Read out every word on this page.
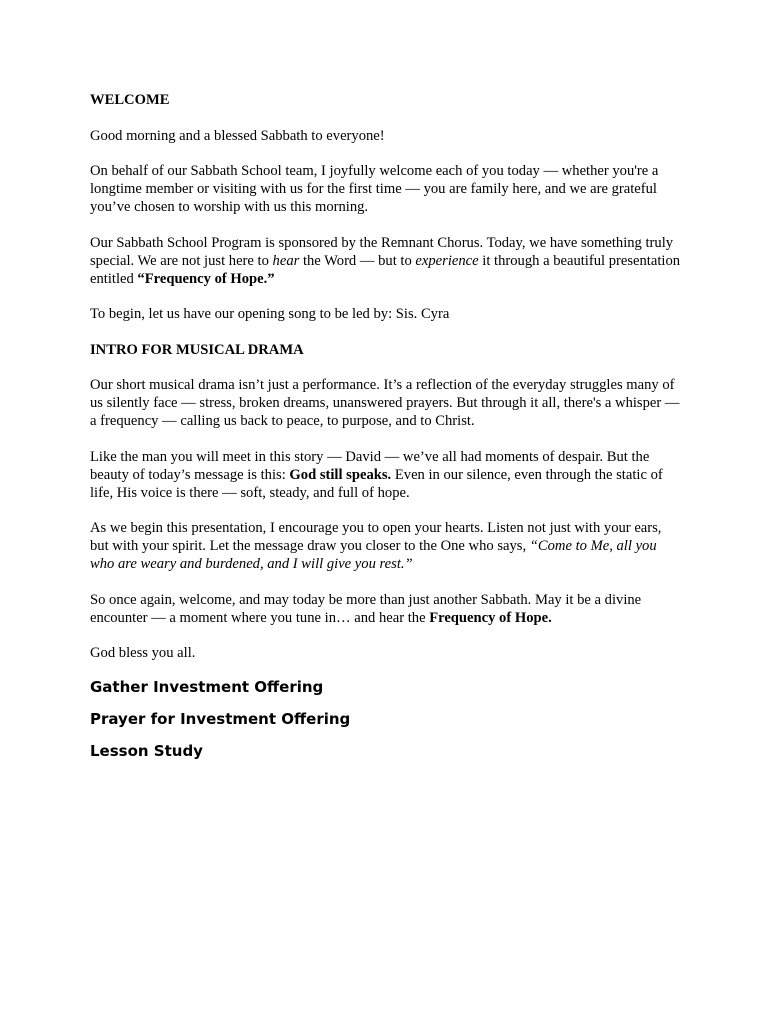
WELCOME

Good morning and a blessed Sabbath to everyone!

On behalf of our Sabbath School team, I joyfully welcome each of you today — whether you're a longtime member or visiting with us for the first time — you are family here, and we are grateful you’ve chosen to worship with us this morning.

Our Sabbath School Program is sponsored by the Remnant Chorus. Today, we have something truly special. We are not just here to hear the Word — but to experience it through a beautiful presentation entitled “Frequency of Hope.”

To begin, let us have our opening song to be led by: Sis. Cyra

INTRO FOR MUSICAL DRAMA

Our short musical drama isn’t just a performance. It’s a reflection of the everyday struggles many of us silently face — stress, broken dreams, unanswered prayers. But through it all, there's a whisper — a frequency — calling us back to peace, to purpose, and to Christ.

Like the man you will meet in this story — David — we’ve all had moments of despair. But the beauty of today’s message is this: God still speaks. Even in our silence, even through the static of life, His voice is there — soft, steady, and full of hope.

As we begin this presentation, I encourage you to open your hearts. Listen not just with your ears, but with your spirit. Let the message draw you closer to the One who says, “Come to Me, all you who are weary and burdened, and I will give you rest.”

So once again, welcome, and may today be more than just another Sabbath. May it be a divine encounter — a moment where you tune in… and hear the Frequency of Hope.

God bless you all.

Gather Investment Offering
Prayer for Investment Offering
Lesson Study
